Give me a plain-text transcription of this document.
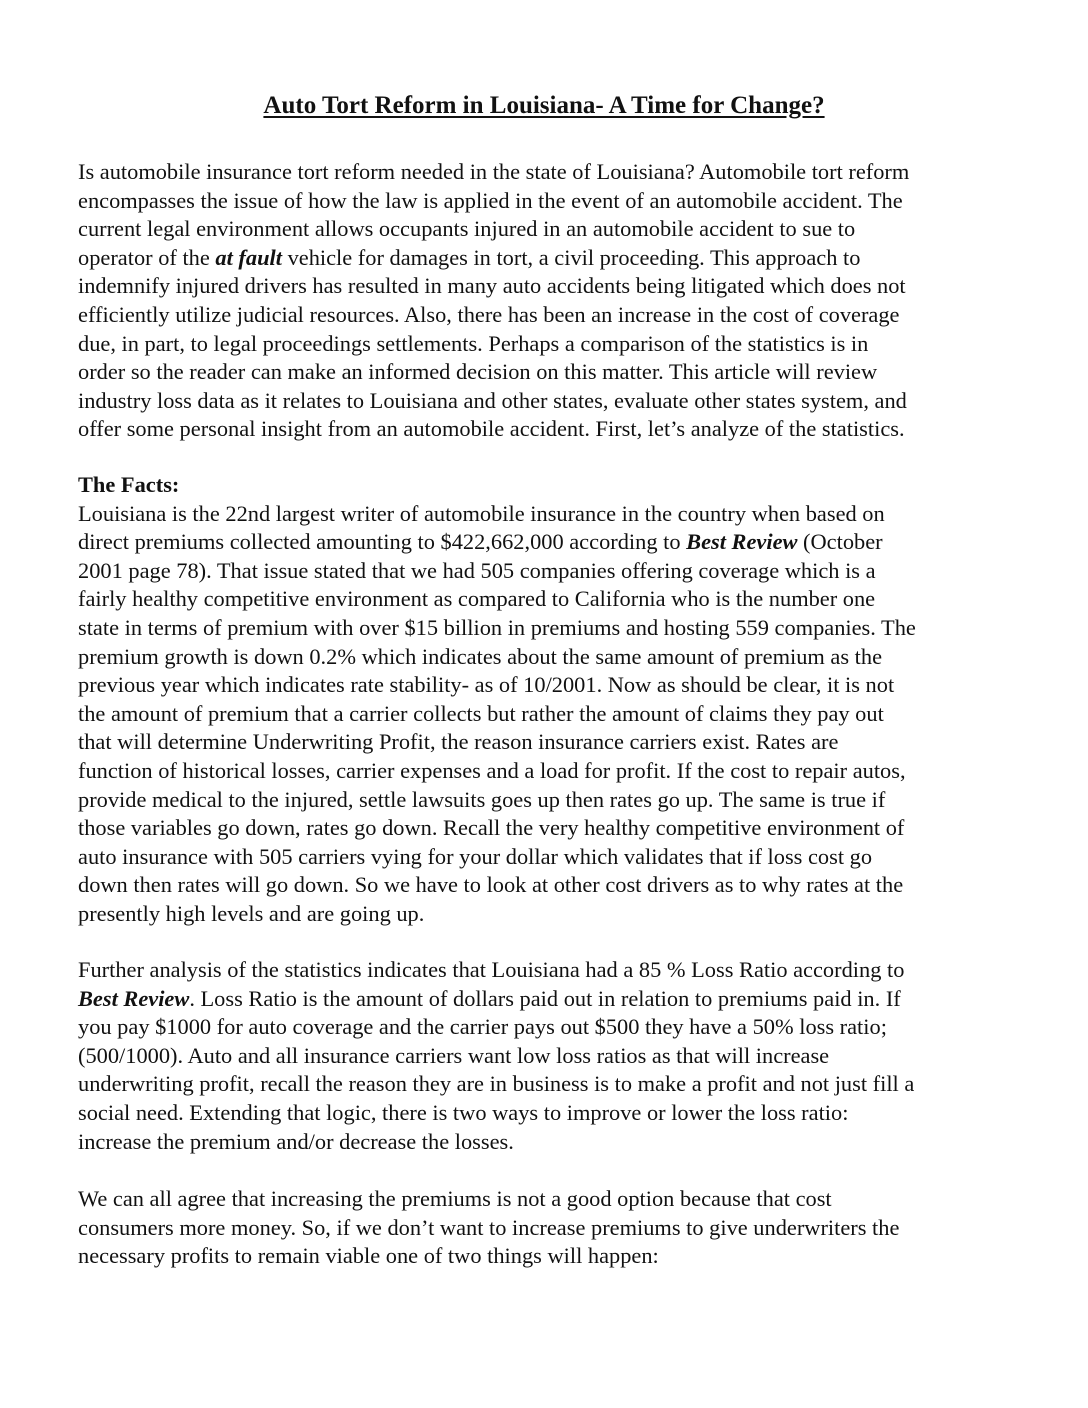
Auto Tort Reform in Louisiana- A Time for Change?
Is automobile insurance tort reform needed in the state of Louisiana? Automobile tort reform
encompasses the issue of how the law is applied in the event of an automobile accident. The
current legal environment allows occupants injured in an automobile accident to sue to
operator of the at fault vehicle for damages in tort, a civil proceeding. This approach to
indemnify injured drivers has resulted in many auto accidents being litigated which does not
efficiently utilize judicial resources. Also, there has been an increase in the cost of coverage
due, in part, to legal proceedings settlements. Perhaps a comparison of the statistics is in
order so the reader can make an informed decision on this matter. This article will review
industry loss data as it relates to Louisiana and other states, evaluate other states system, and
offer some personal insight from an automobile accident. First, let’s analyze of the statistics.
The Facts:
Louisiana is the 22nd largest writer of automobile insurance in the country when based on
direct premiums collected amounting to $422,662,000 according to Best Review (October
2001 page 78). That issue stated that we had 505 companies offering coverage which is a
fairly healthy competitive environment as compared to California who is the number one
state in terms of premium with over $15 billion in premiums and hosting 559 companies. The
premium growth is down 0.2% which indicates about the same amount of premium as the
previous year which indicates rate stability- as of 10/2001. Now as should be clear, it is not
the amount of premium that a carrier collects but rather the amount of claims they pay out
that will determine Underwriting Profit, the reason insurance carriers exist. Rates are
function of historical losses, carrier expenses and a load for profit. If the cost to repair autos,
provide medical to the injured, settle lawsuits goes up then rates go up. The same is true if
those variables go down, rates go down. Recall the very healthy competitive environment of
auto insurance with 505 carriers vying for your dollar which validates that if loss cost go
down then rates will go down. So we have to look at other cost drivers as to why rates at the
presently high levels and are going up.
Further analysis of the statistics indicates that Louisiana had a 85 % Loss Ratio according to
Best Review. Loss Ratio is the amount of dollars paid out in relation to premiums paid in. If
you pay $1000 for auto coverage and the carrier pays out $500 they have a 50% loss ratio;
(500/1000). Auto and all insurance carriers want low loss ratios as that will increase
underwriting profit, recall the reason they are in business is to make a profit and not just fill a
social need. Extending that logic, there is two ways to improve or lower the loss ratio:
increase the premium and/or decrease the losses.
We can all agree that increasing the premiums is not a good option because that cost
consumers more money. So, if we don’t want to increase premiums to give underwriters the
necessary profits to remain viable one of two things will happen:
